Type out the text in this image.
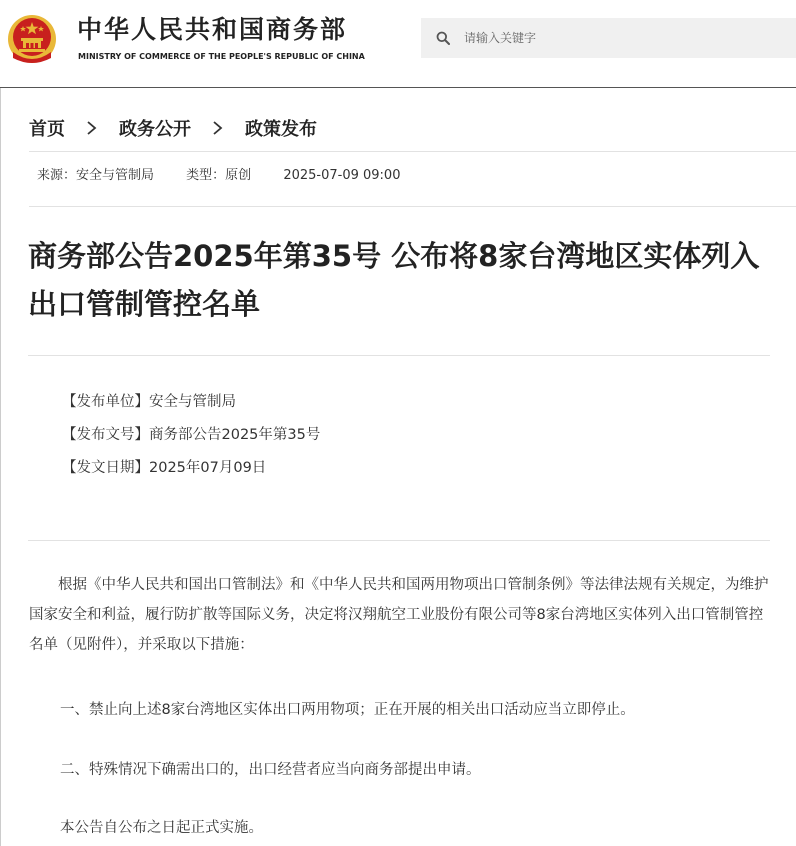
中华人民共和国商务部
MINISTRY OF COMMERCE OF THE PEOPLE'S REPUBLIC OF CHINA
请输入关键字
首页	政务公开	政策发布
来源：安全与管制局 类型：原创 2025-07-09 09:00
商务部公告2025年第35号 公布将8家台湾地区实体列入出口管制管控名单
【发布单位】安全与管制局
【发布文号】商务部公告2025年第35号
【发文日期】2025年07月09日

根据《中华人民共和国出口管制法》和《中华人民共和国两用物项出口管制条例》等法律法规有关规定，为维护国家安全和利益，履行防扩散等国际义务，决定将汉翔航空工业股份有限公司等8家台湾地区实体列入出口管制管控名单（见附件），并采取以下措施：

一、禁止向上述8家台湾地区实体出口两用物项；正在开展的相关出口活动应当立即停止。

二、特殊情况下确需出口的，出口经营者应当向商务部提出申请。

本公告自公布之日起正式实施。
